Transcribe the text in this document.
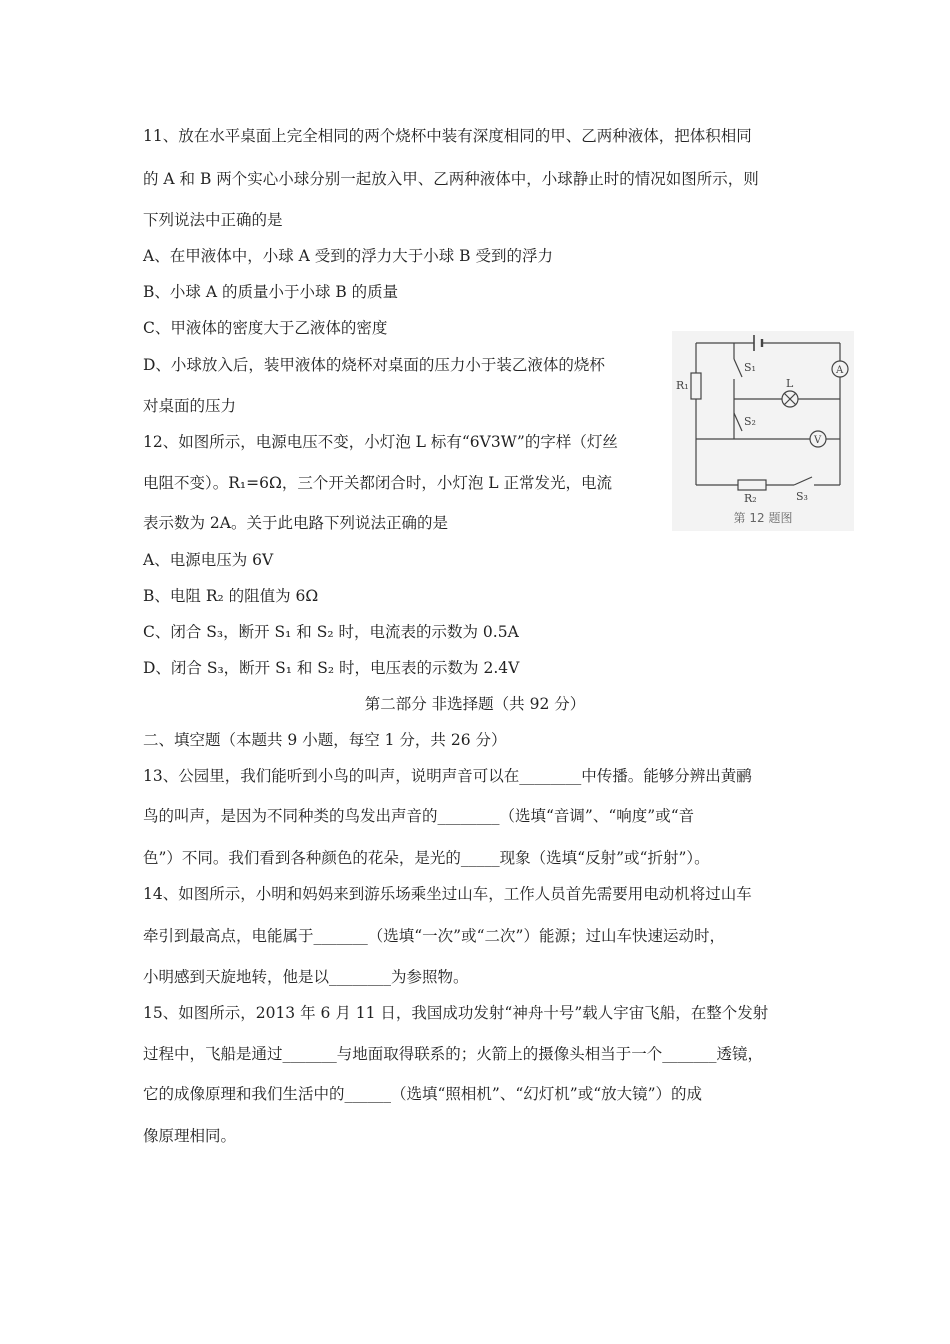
11、放在水平桌面上完全相同的两个烧杯中装有深度相同的甲、乙两种液体，把体积相同
的 A 和 B 两个实心小球分别一起放入甲、乙两种液体中，小球静止时的情况如图所示，则
下列说法中正确的是
A、在甲液体中，小球 A 受到的浮力大于小球 B 受到的浮力
B、小球 A 的质量小于小球 B 的质量
C、甲液体的密度大于乙液体的密度
D、小球放入后，装甲液体的烧杯对桌面的压力小于装乙液体的烧杯
对桌面的压力
12、如图所示，电源电压不变，小灯泡 L 标有“6V3W”的字样（灯丝
电阻不变）。R₁=6Ω，三个开关都闭合时，小灯泡 L 正常发光，电流
表示数为 2A。关于此电路下列说法正确的是
A、电源电压为 6V
B、电阻 R₂ 的阻值为 6Ω
C、闭合 S₃，断开 S₁ 和 S₂ 时，电流表的示数为 0.5A
D、闭合 S₃，断开 S₁ 和 S₂ 时，电压表的示数为 2.4V
R₁
S₁
L
S₂
A
V
R₂	S₃
第 12 题图
第二部分 非选择题（共 92 分）
二、填空题（本题共 9 小题，每空 1 分，共 26 分）
13、公园里，我们能听到小鸟的叫声，说明声音可以在________中传播。能够分辨出黄鹂
鸟的叫声，是因为不同种类的鸟发出声音的________（选填“音调”、“响度”或“音
色”）不同。我们看到各种颜色的花朵，是光的_____现象（选填“反射”或“折射”）。
14、如图所示，小明和妈妈来到游乐场乘坐过山车，工作人员首先需要用电动机将过山车
牵引到最高点，电能属于_______（选填“一次”或“二次”）能源；过山车快速运动时，
小明感到天旋地转，他是以________为参照物。
15、如图所示，2013 年 6 月 11 日，我国成功发射“神舟十号”载人宇宙飞船，在整个发射
过程中，飞船是通过_______与地面取得联系的；火箭上的摄像头相当于一个_______透镜，
它的成像原理和我们生活中的______（选填“照相机”、“幻灯机”或“放大镜”）的成
像原理相同。
